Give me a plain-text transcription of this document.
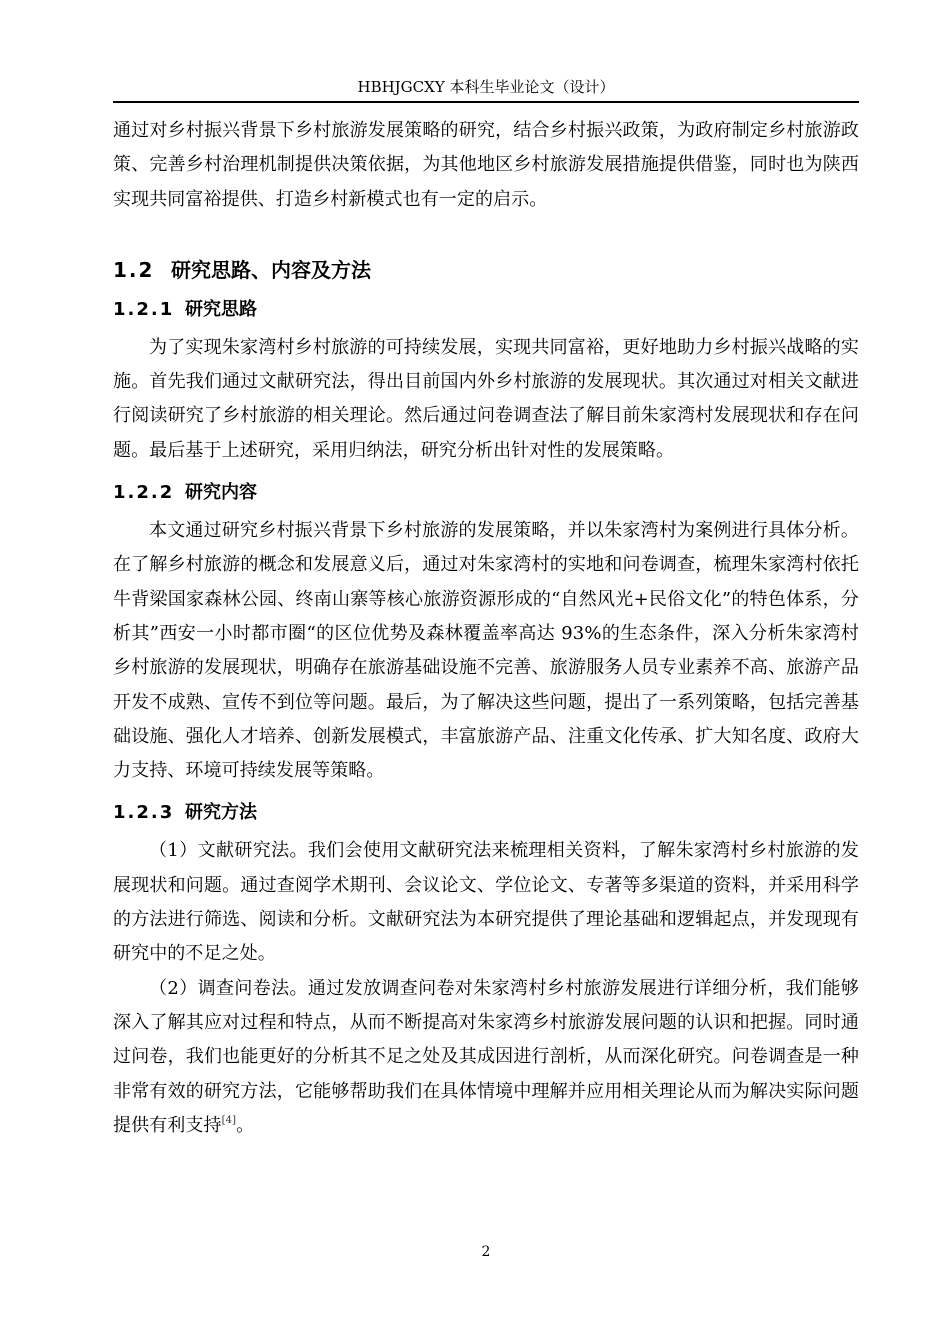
HBHJGCXY 本科生毕业论文（设计）

通过对乡村振兴背景下乡村旅游发展策略的研究，结合乡村振兴政策，为政府制定乡村旅游政策、完善乡村治理机制提供决策依据，为其他地区乡村旅游发展措施提供借鉴，同时也为陕西实现共同富裕提供、打造乡村新模式也有一定的启示。

1.2 研究思路、内容及方法
1.2.1 研究思路

为了实现朱家湾村乡村旅游的可持续发展，实现共同富裕，更好地助力乡村振兴战略的实施。首先我们通过文献研究法，得出目前国内外乡村旅游的发展现状。其次通过对相关文献进行阅读研究了乡村旅游的相关理论。然后通过问卷调查法了解目前朱家湾村发展现状和存在问题。最后基于上述研究，采用归纳法，研究分析出针对性的发展策略。

1.2.2 研究内容

本文通过研究乡村振兴背景下乡村旅游的发展策略，并以朱家湾村为案例进行具体分析。在了解乡村旅游的概念和发展意义后，通过对朱家湾村的实地和问卷调查，梳理朱家湾村依托牛背梁国家森林公园、终南山寨等核心旅游资源形成的“自然风光+民俗文化”的特色体系，分析其”西安一小时都市圈“的区位优势及森林覆盖率高达 93%的生态条件，深入分析朱家湾村乡村旅游的发展现状，明确存在旅游基础设施不完善、旅游服务人员专业素养不高、旅游产品开发不成熟、宣传不到位等问题。最后，为了解决这些问题，提出了一系列策略，包括完善基础设施、强化人才培养、创新发展模式，丰富旅游产品、注重文化传承、扩大知名度、政府大力支持、环境可持续发展等策略。

1.2.3 研究方法

（1）文献研究法。我们会使用文献研究法来梳理相关资料，了解朱家湾村乡村旅游的发展现状和问题。通过查阅学术期刊、会议论文、学位论文、专著等多渠道的资料，并采用科学的方法进行筛选、阅读和分析。文献研究法为本研究提供了理论基础和逻辑起点，并发现现有研究中的不足之处。

（2）调查问卷法。通过发放调查问卷对朱家湾村乡村旅游发展进行详细分析，我们能够深入了解其应对过程和特点，从而不断提高对朱家湾乡村旅游发展问题的认识和把握。同时通过问卷，我们也能更好的分析其不足之处及其成因进行剖析，从而深化研究。问卷调查是一种非常有效的研究方法，它能够帮助我们在具体情境中理解并应用相关理论从而为解决实际问题提供有利支持[4]。

2
